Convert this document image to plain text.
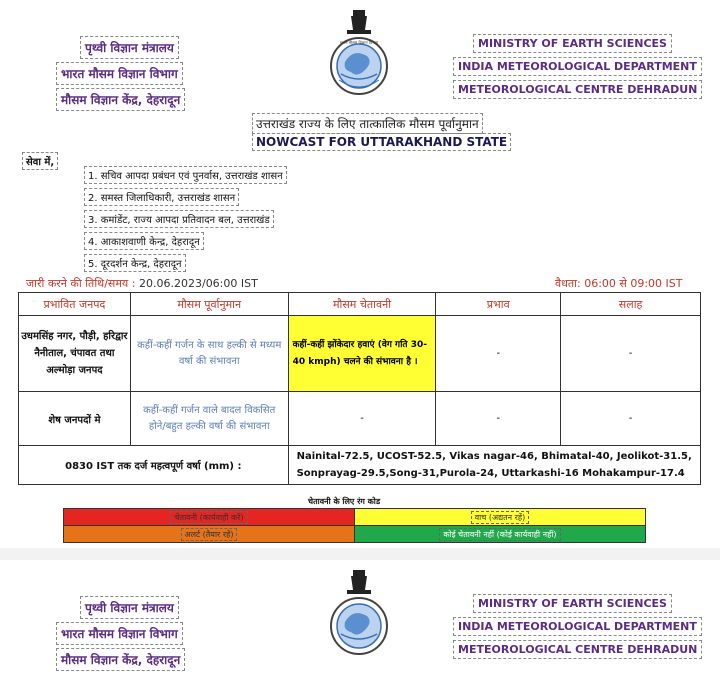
पृथ्वी विज्ञान मंत्रालय
भारत मौसम विज्ञान विभाग
मौसम विज्ञान केंद्र, देहरादून
भारत मौसम विज्ञान विभाग	MINISTRY OF EARTH SCIENCES
INDIA METEOROLOGICAL DEPARTMENT
METEOROLOGICAL CENTRE DEHRADUN
उत्तराखंड राज्य के लिए तात्कालिक मौसम पूर्वानुमान
NOWCAST FOR UTTARAKHAND STATE
सेवा में,
1. सचिव आपदा प्रबंधन एवं पुनर्वास, उत्तराखंड शासन
2. समस्त जिलाधिकारी, उत्तराखंड शासन
3. कमांडेंट, राज्य आपदा प्रतिवादन बल, उत्तराखंड
4. आकाशवाणी केन्द्र, देहरादून
5. दूरदर्शन केन्द्र, देहरादून
जारी करने की तिथि/समय : 20.06.2023/06:00 IST	वैधता: 06:00 से 09:00 IST
प्रभावित जनपद	मौसम पूर्वानुमान	मौसम चेतावनी	प्रभाव	सलाह
उधमसिंह नगर, पौड़ी, हरिद्वार नैनीताल, चंपावत तथा अल्मोड़ा जनपद	कहीं-कहीं गर्जन के साथ हल्की से मध्यम वर्षा की संभावना	कहीं-कहीं झोंकेदार हवाएं (वेग गति 30-40 kmph) चलने की संभावना है ।	-	-
शेष जनपदों मे	कहीं-कहीं गर्जन वाले बादल विकसित होने/बहुत हल्की वर्षा की संभावना	-	-	-
0830 IST तक दर्ज महत्वपूर्ण वर्षा (mm) :		Nainital-72.5, UCOST-52.5, Vikas nagar-46, Bhimatal-40, Jeolikot-31.5, Sonprayag-29.5,Song-31,Purola-24, Uttarkashi-16 Mohakampur-17.4		
चेतावनी के लिए रंग कोड
चेतावनी (कार्यवाही करें)	वाच (अद्यतन रहें)
अलर्ट (तैयार रहें)	कोई चेतावनी नहीं (कोई कार्यवाही नहीं)
पृथ्वी विज्ञान मंत्रालय
भारत मौसम विज्ञान विभाग
मौसम विज्ञान केंद्र, देहरादून
MINISTRY OF EARTH SCIENCES
INDIA METEOROLOGICAL DEPARTMENT
METEOROLOGICAL CENTRE DEHRADUN
